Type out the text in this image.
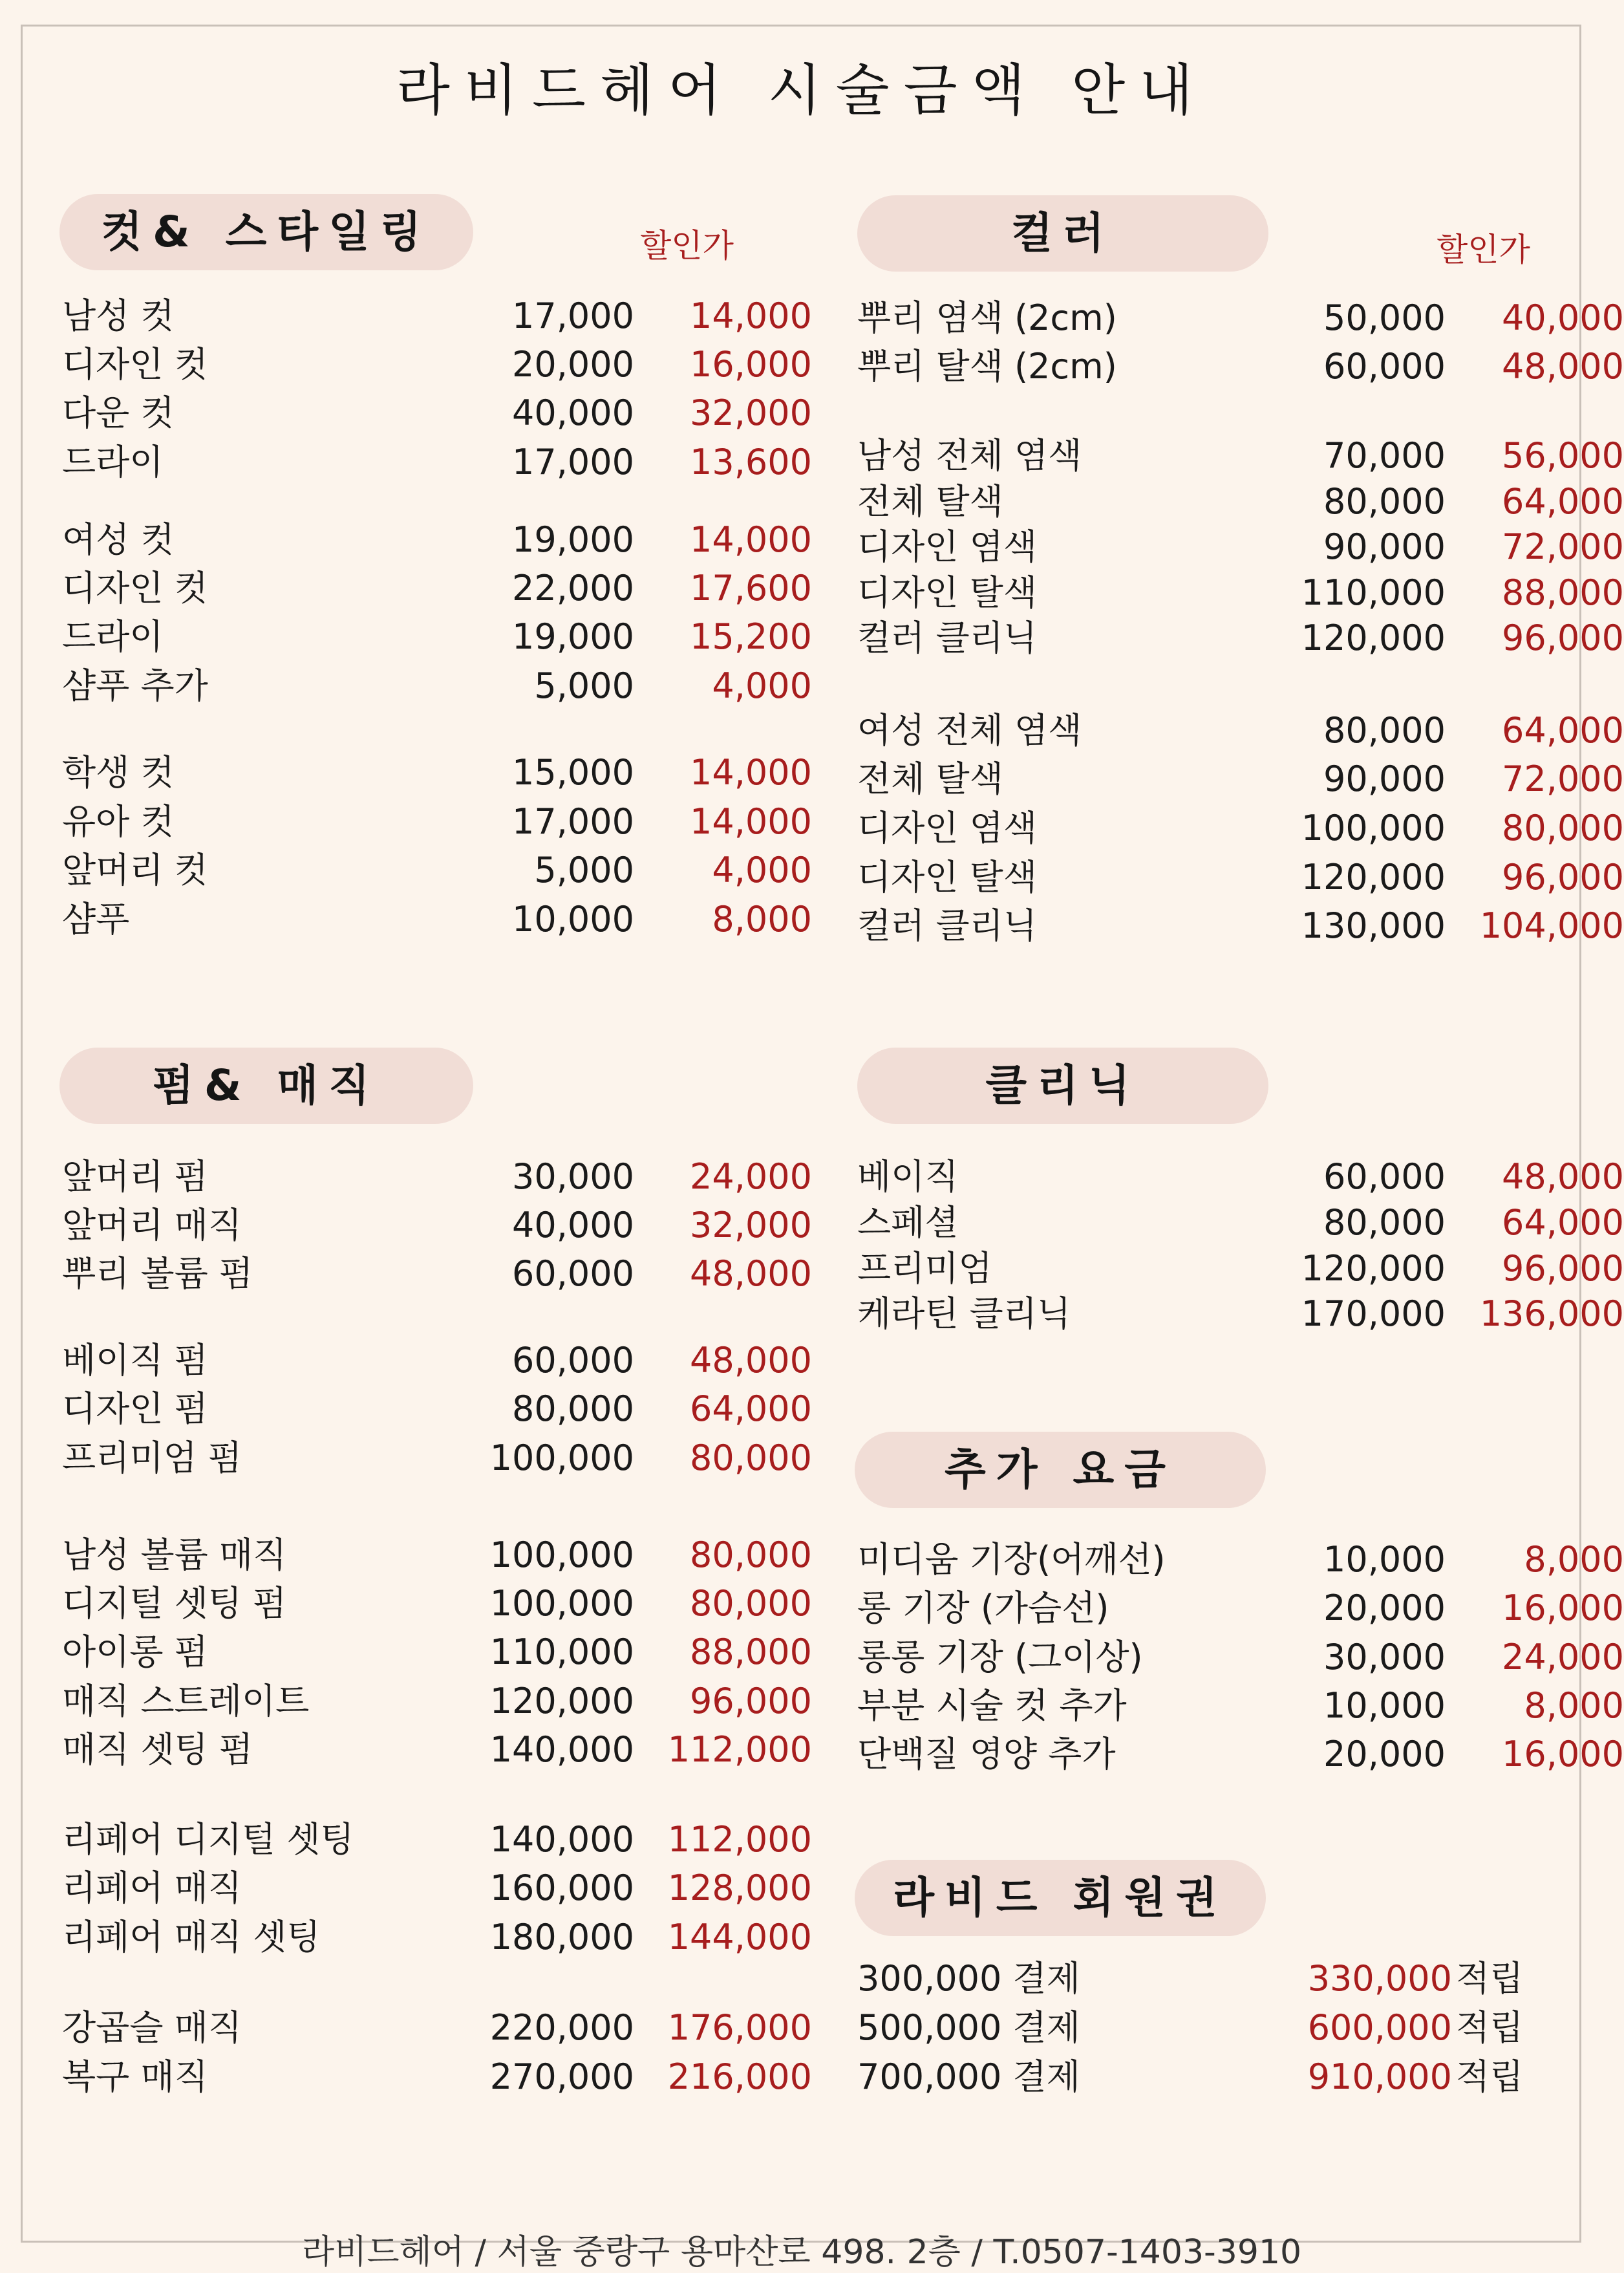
라비드헤어 시술금액 안내
컷& 스타일링	할인가
남성 컷	17,000	14,000
디자인 컷	20,000	16,000
다운 컷	40,000	32,000
드라이	17,000	13,600
여성 컷	19,000	14,000
디자인 컷	22,000	17,600
드라이	19,000	15,200
샴푸 추가	5,000	4,000
학생 컷	15,000	14,000
유아 컷	17,000	14,000
앞머리 컷	5,000	4,000
샴푸	10,000	8,000
펌& 매직
앞머리 펌	30,000	24,000
앞머리 매직	40,000	32,000
뿌리 볼륨 펌	60,000	48,000
베이직 펌	60,000	48,000
디자인 펌	80,000	64,000
프리미엄 펌	100,000	80,000
남성 볼륨 매직	100,000	80,000
디지털 셋팅 펌	100,000	80,000
아이롱 펌	110,000	88,000
매직 스트레이트	120,000	96,000
매직 셋팅 펌	140,000 112,000
리페어 디지털 셋팅	140,000 112,000
리페어 매직	160,000 128,000
리페어 매직 셋팅	180,000 144,000
강곱슬 매직	220,000 176,000
복구 매직	270,000 216,000
컬러	할인가
뿌리 염색 (2cm)	50,000	40,000
뿌리 탈색 (2cm)	60,000	48,000
남성 전체 염색	70,000	56,000
전체 탈색	80,000	64,000
디자인 염색	90,000	72,000
디자인 탈색	110,000	88,000
컬러 클리닉	120,000	96,000
여성 전체 염색	80,000	64,000
전체 탈색	90,000	72,000
디자인 염색	100,000	80,000
디자인 탈색	120,000	96,000
컬러 클리닉	130,000 104,000
클리닉
베이직	60,000	48,000
스페셜	80,000	64,000
프리미엄	120,000	96,000
케라틴 클리닉	170,000 136,000
추가 요금
미디움 기장(어깨선)	10,000	8,000
롱 기장 (가슴선)	20,000	16,000
롱롱 기장 (그이상)	30,000	24,000
부분 시술 컷 추가	10,000	8,000
단백질 영양 추가	20,000	16,000
라비드 회원권
300,000 결제	330,000 적립
500,000 결제	600,000 적립
700,000 결제	910,000 적립
라비드헤어 / 서울 중랑구 용마산로 498. 2층 / T.0507-1403-3910
